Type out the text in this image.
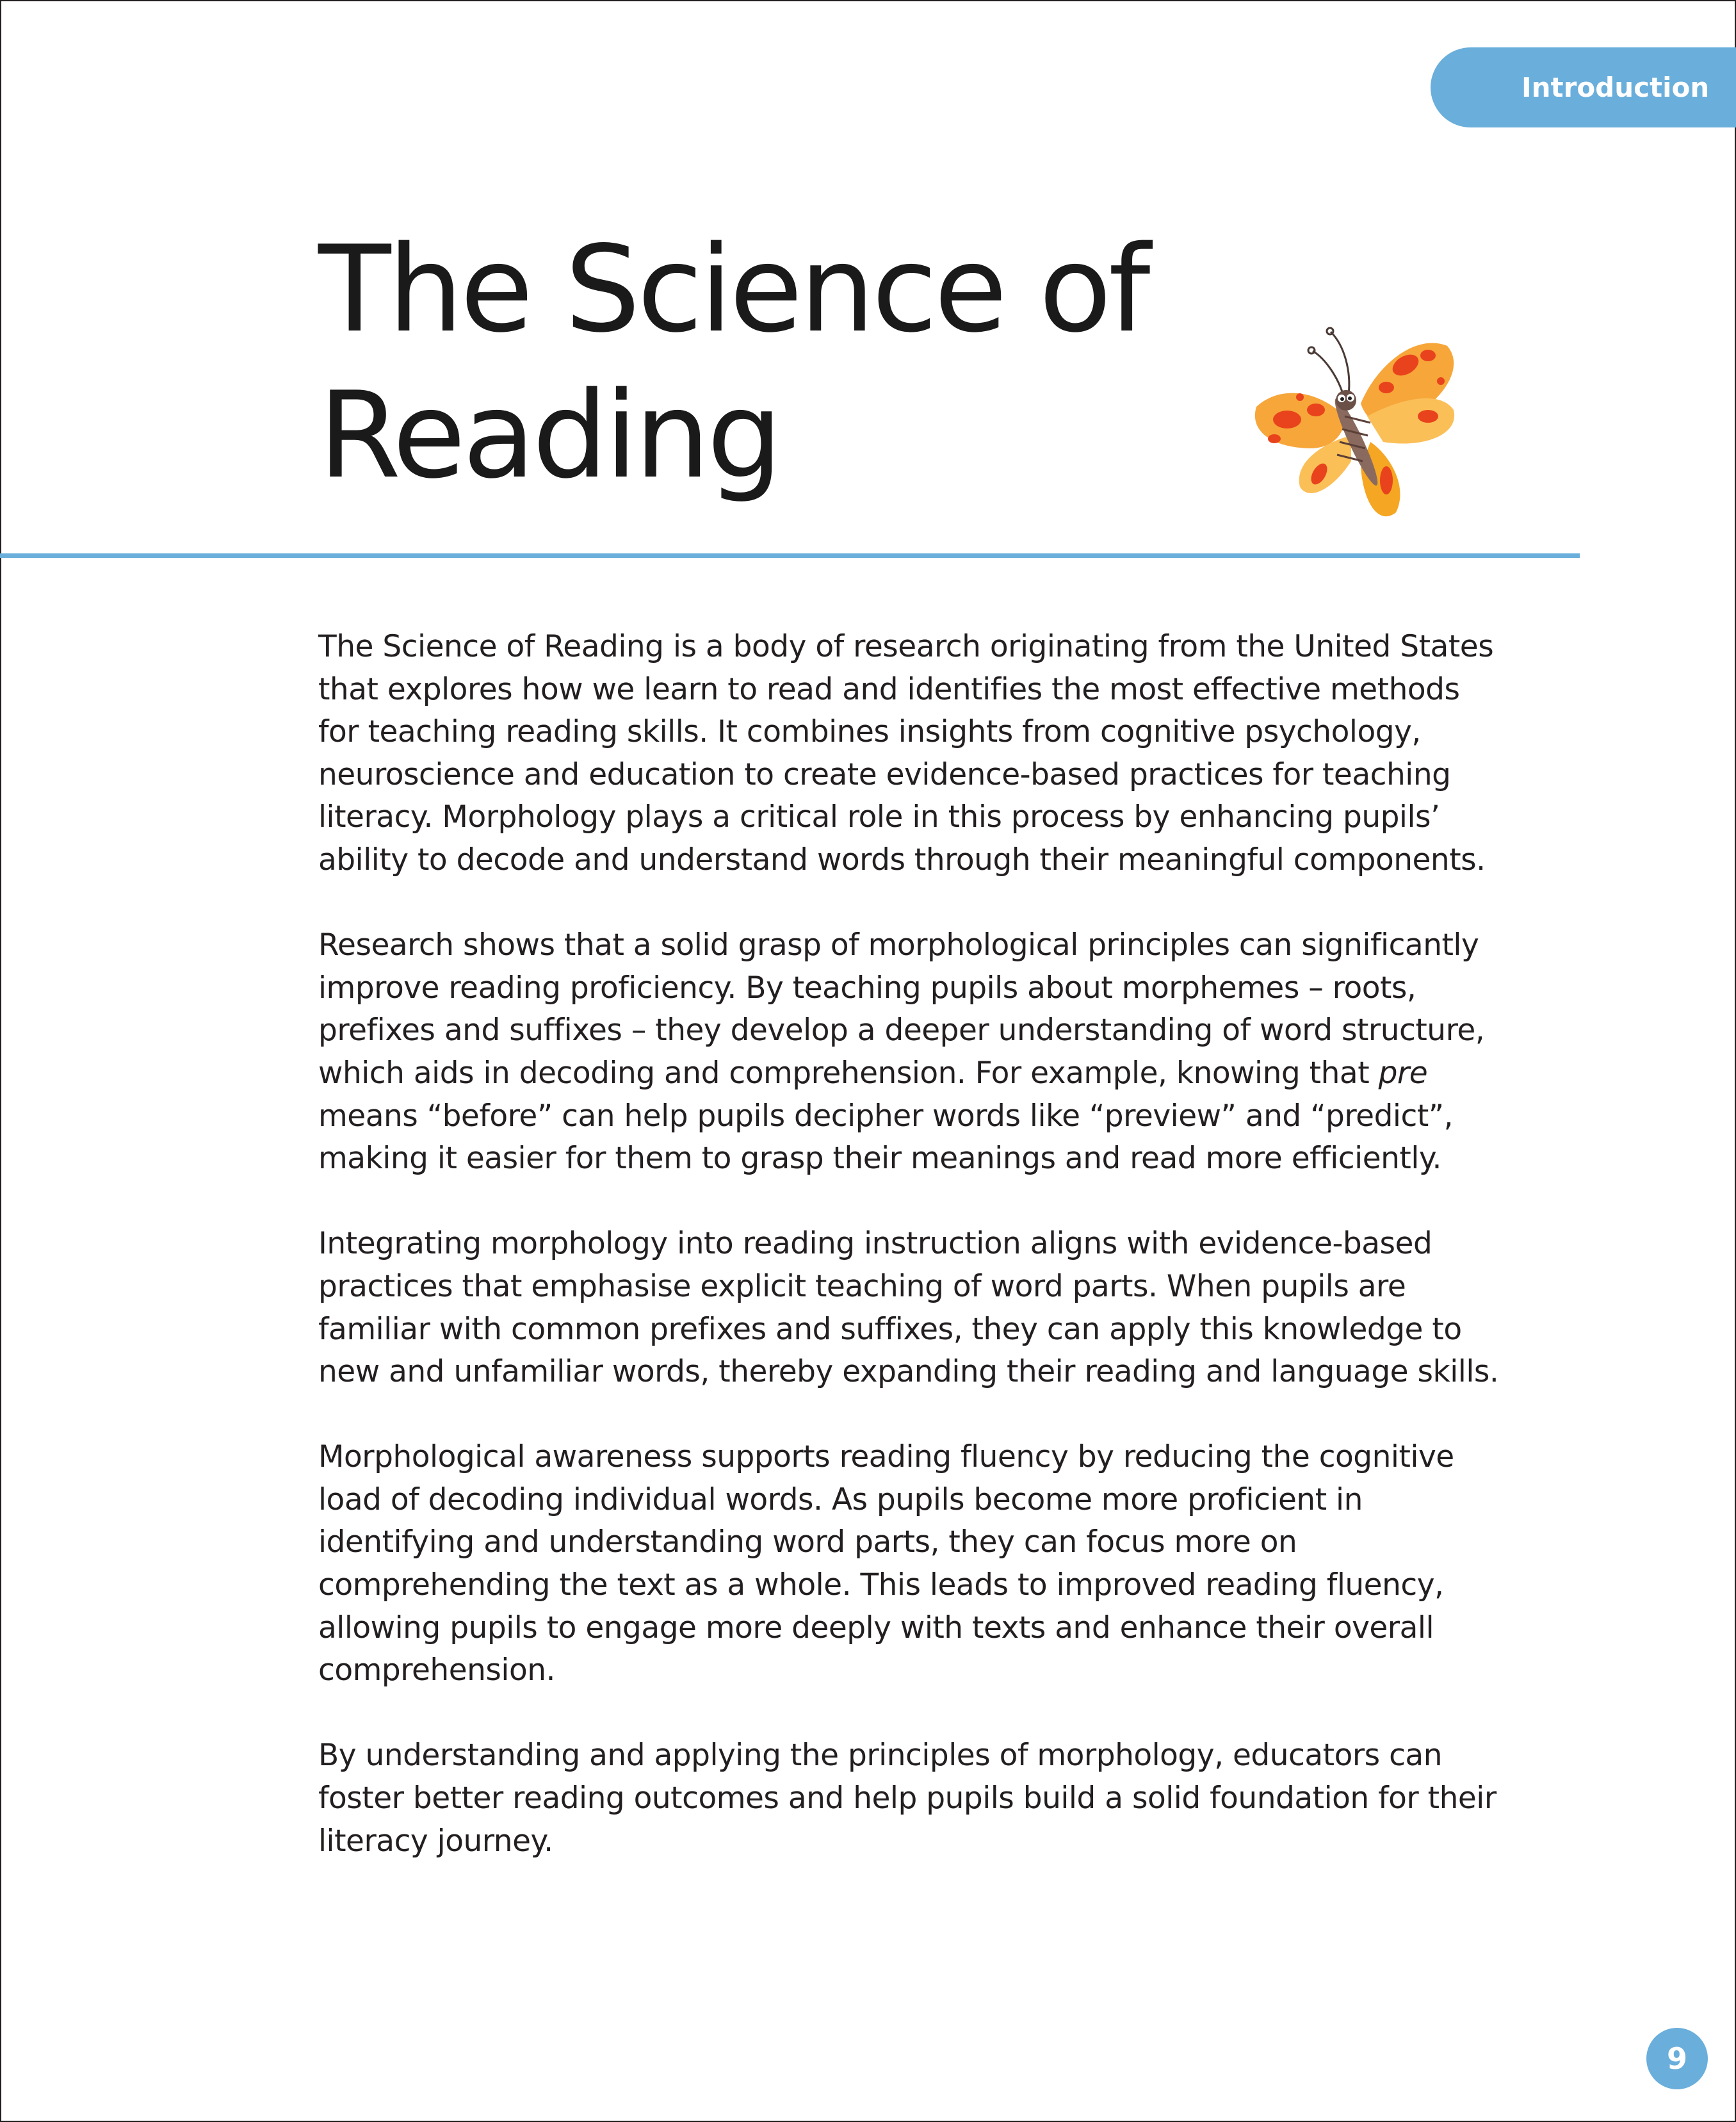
Introduction
The Science of
Reading

The Science of Reading is a body of research originating from the United States
that explores how we learn to read and identifies the most effective methods
for teaching reading skills. It combines insights from cognitive psychology,
neuroscience and education to create evidence-based practices for teaching
literacy. Morphology plays a critical role in this process by enhancing pupils’
ability to decode and understand words through their meaningful components.

Research shows that a solid grasp of morphological principles can significantly
improve reading proficiency. By teaching pupils about morphemes – roots,
prefixes and suffixes – they develop a deeper understanding of word structure,
which aids in decoding and comprehension. For example, knowing that pre
means “before” can help pupils decipher words like “preview” and “predict”,
making it easier for them to grasp their meanings and read more efficiently.

Integrating morphology into reading instruction aligns with evidence-based
practices that emphasise explicit teaching of word parts. When pupils are
familiar with common prefixes and suffixes, they can apply this knowledge to
new and unfamiliar words, thereby expanding their reading and language skills.

Morphological awareness supports reading fluency by reducing the cognitive
load of decoding individual words. As pupils become more proficient in
identifying and understanding word parts, they can focus more on
comprehending the text as a whole. This leads to improved reading fluency,
allowing pupils to engage more deeply with texts and enhance their overall
comprehension.

By understanding and applying the principles of morphology, educators can
foster better reading outcomes and help pupils build a solid foundation for their
literacy journey.

9
